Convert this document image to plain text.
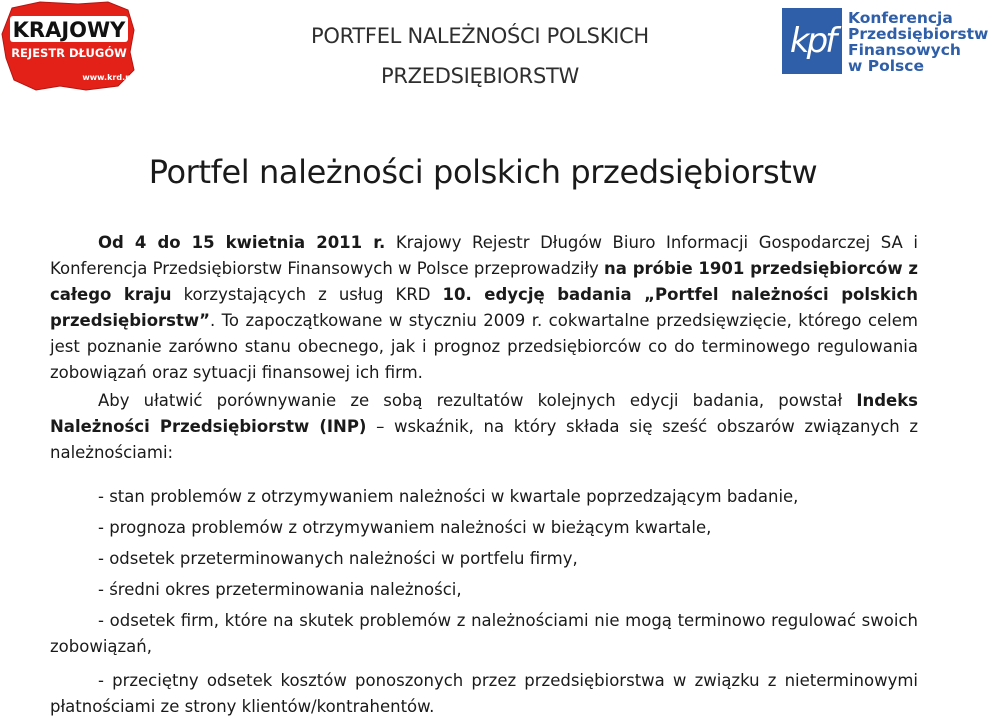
KRAJOWY
REJESTR DŁUGÓW
www.krd.pl
kpf
Konferencja
Przedsiębiorstw
Finansowych
w Polsce
PORTFEL NALEŻNOŚCI POLSKICH
PRZEDSIĘBIORSTW
Portfel należności polskich przedsiębiorstw

Od 4 do 15 kwietnia 2011 r. Krajowy Rejestr Długów Biuro Informacji Gospodarczej SA i Konferencja Przedsiębiorstw Finansowych w Polsce przeprowadziły na próbie 1901 przedsiębiorców z całego kraju korzystających z usług KRD 10. edycję badania „Portfel należności polskich przedsiębiorstw”. To zapoczątkowane w styczniu 2009 r. cokwartalne przedsięwzięcie, którego celem jest poznanie zarówno stanu obecnego, jak i prognoz przedsiębiorców co do terminowego regulowania zobowiązań oraz sytuacji finansowej ich firm.

Aby ułatwić porównywanie ze sobą rezultatów kolejnych edycji badania, powstał Indeks Należności Przedsiębiorstw (INP) – wskaźnik, na który składa się sześć obszarów związanych z należnościami:

- stan problemów z otrzymywaniem należności w kwartale poprzedzającym badanie,

- prognoza problemów z otrzymywaniem należności w bieżącym kwartale,

- odsetek przeterminowanych należności w portfelu firmy,

- średni okres przeterminowania należności,

- odsetek firm, które na skutek problemów z należnościami nie mogą terminowo regulować swoich zobowiązań,

- przeciętny odsetek kosztów ponoszonych przez przedsiębiorstwa w związku z nieterminowymi płatnościami ze strony klientów/kontrahentów.
